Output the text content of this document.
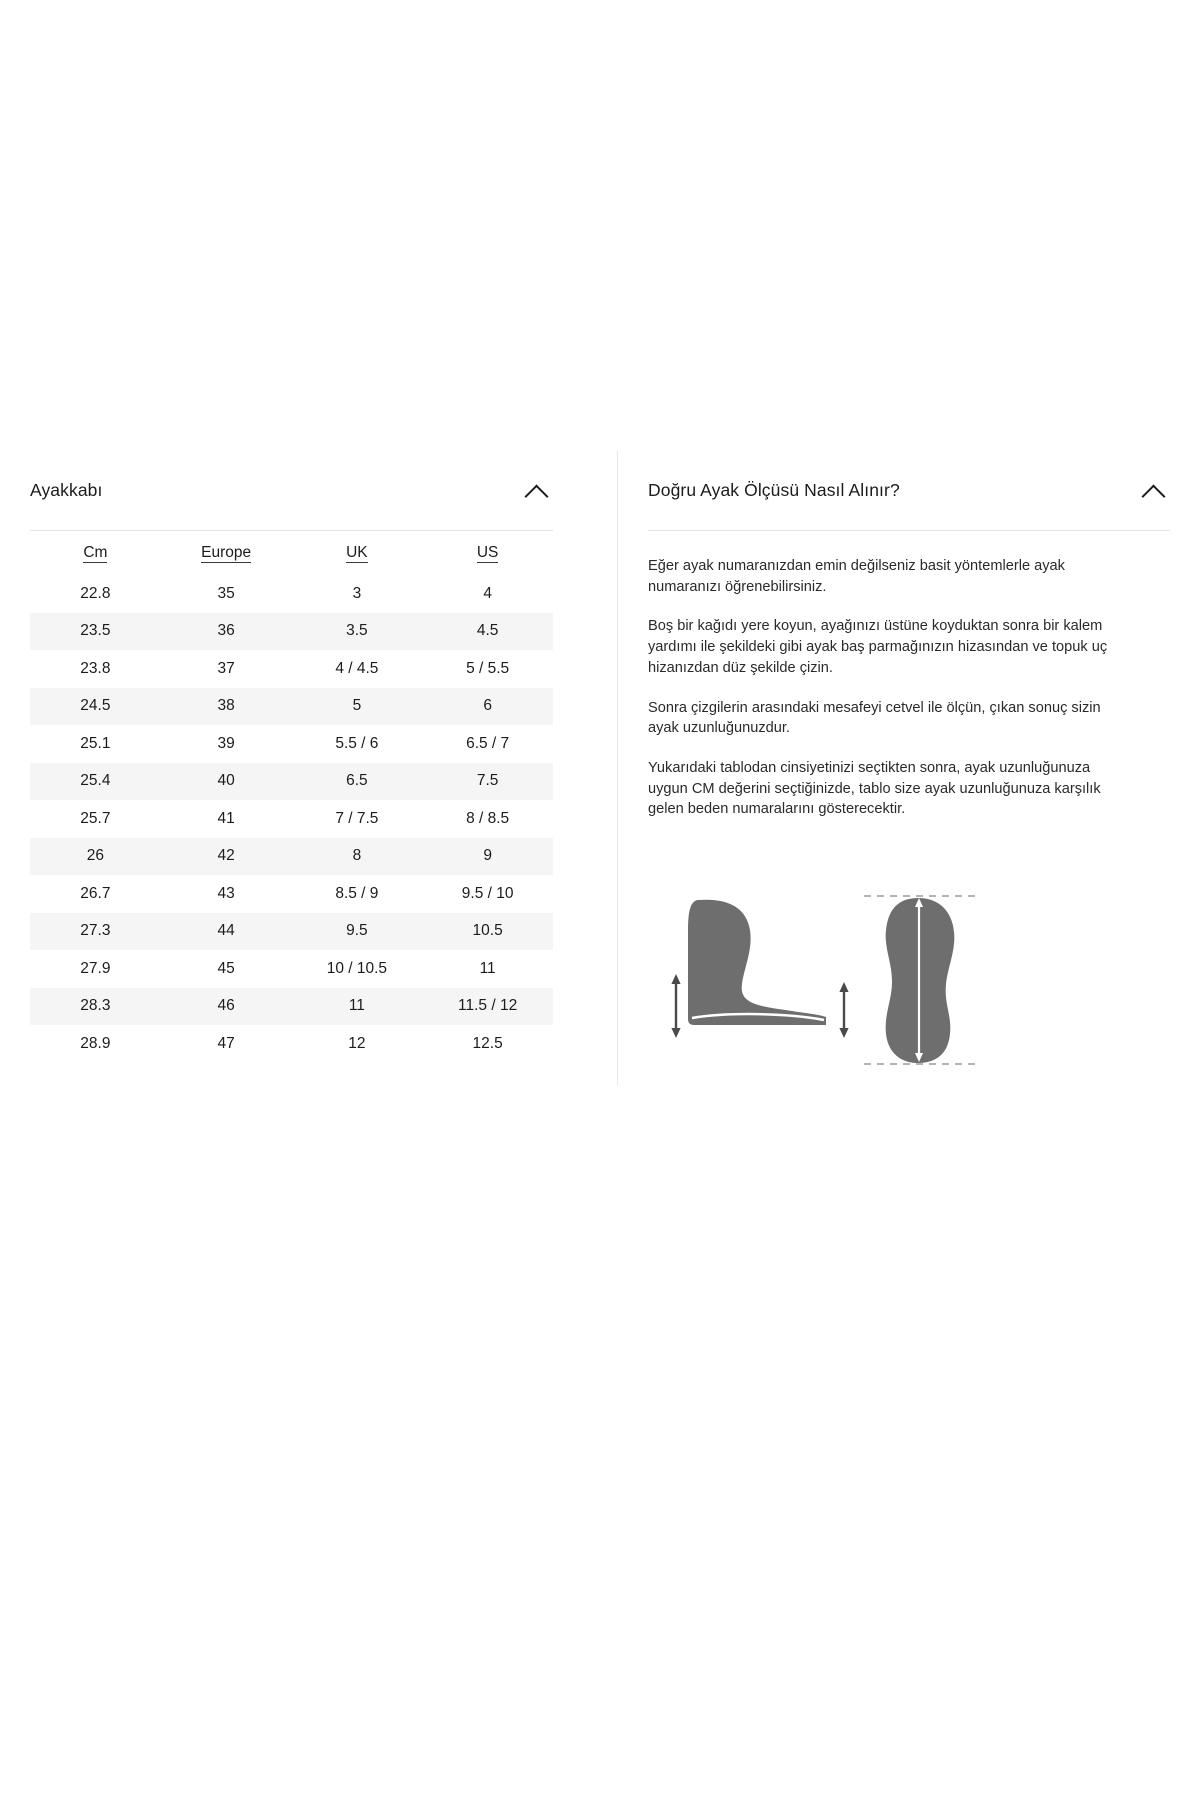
Ayakkabı
Cm	Europe	UK	US
22.8	35	3	4
23.5	36	3.5	4.5
23.8	37	4 / 4.5	5 / 5.5
24.5	38	5	6
25.1	39	5.5 / 6	6.5 / 7
25.4	40	6.5	7.5
25.7	41	7 / 7.5	8 / 8.5
26	42	8	9
26.7	43	8.5 / 9	9.5 / 10
27.3	44	9.5	10.5
27.9	45	10 / 10.5	11
28.3	46	11	11.5 / 12
28.9	47	12	12.5
Doğru Ayak Ölçüsü Nasıl Alınır?

Eğer ayak numaranızdan emin değilseniz basit yöntemlerle ayak numaranızı öğrenebilirsiniz.

Boş bir kağıdı yere koyun, ayağınızı üstüne koyduktan sonra bir kalem yardımı ile şekildeki gibi ayak baş parmağınızın hizasından ve topuk uç hizanızdan düz şekilde çizin.

Sonra çizgilerin arasındaki mesafeyi cetvel ile ölçün, çıkan sonuç sizin ayak uzunluğunuzdur.

Yukarıdaki tablodan cinsiyetinizi seçtikten sonra, ayak uzunluğunuza uygun CM değerini seçtiğinizde, tablo size ayak uzunluğunuza karşılık gelen beden numaralarını gösterecektir.
